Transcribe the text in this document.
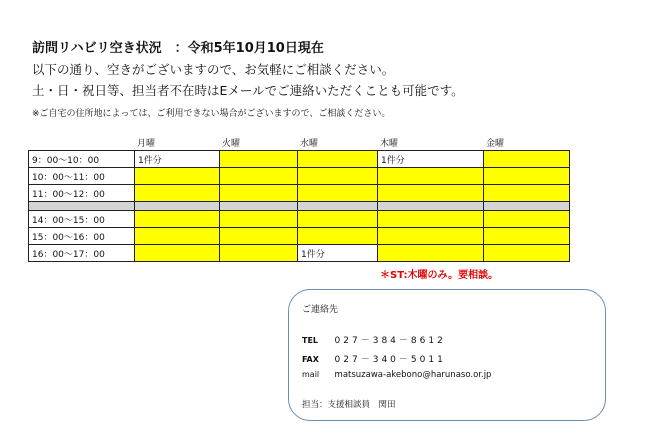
訪問リハビリ空き状況　：令和5年10月10日現在
以下の通り、空きがございますので、お気軽にご相談ください。
土・日・祝日等、担当者不在時はEメールでご連絡いただくことも可能です。
※ご自宅の住所地によっては、ご利用できない場合がございますので、ご相談ください。
月曜	火曜	水曜	木曜	金曜
9：00～10：00	1件分			1件分	
10：00～11：00					
11：00～12：00					

14：00～15：00					
15：00～16：00					
16：00～17：00			1件分		
＊ST:木曜のみ。要相談。
ご連絡先
TEL 027－384－8612
FAX 027－340－5011
mail matsuzawa-akebono@harunaso.or.jp
担当：支援相談員　関田
